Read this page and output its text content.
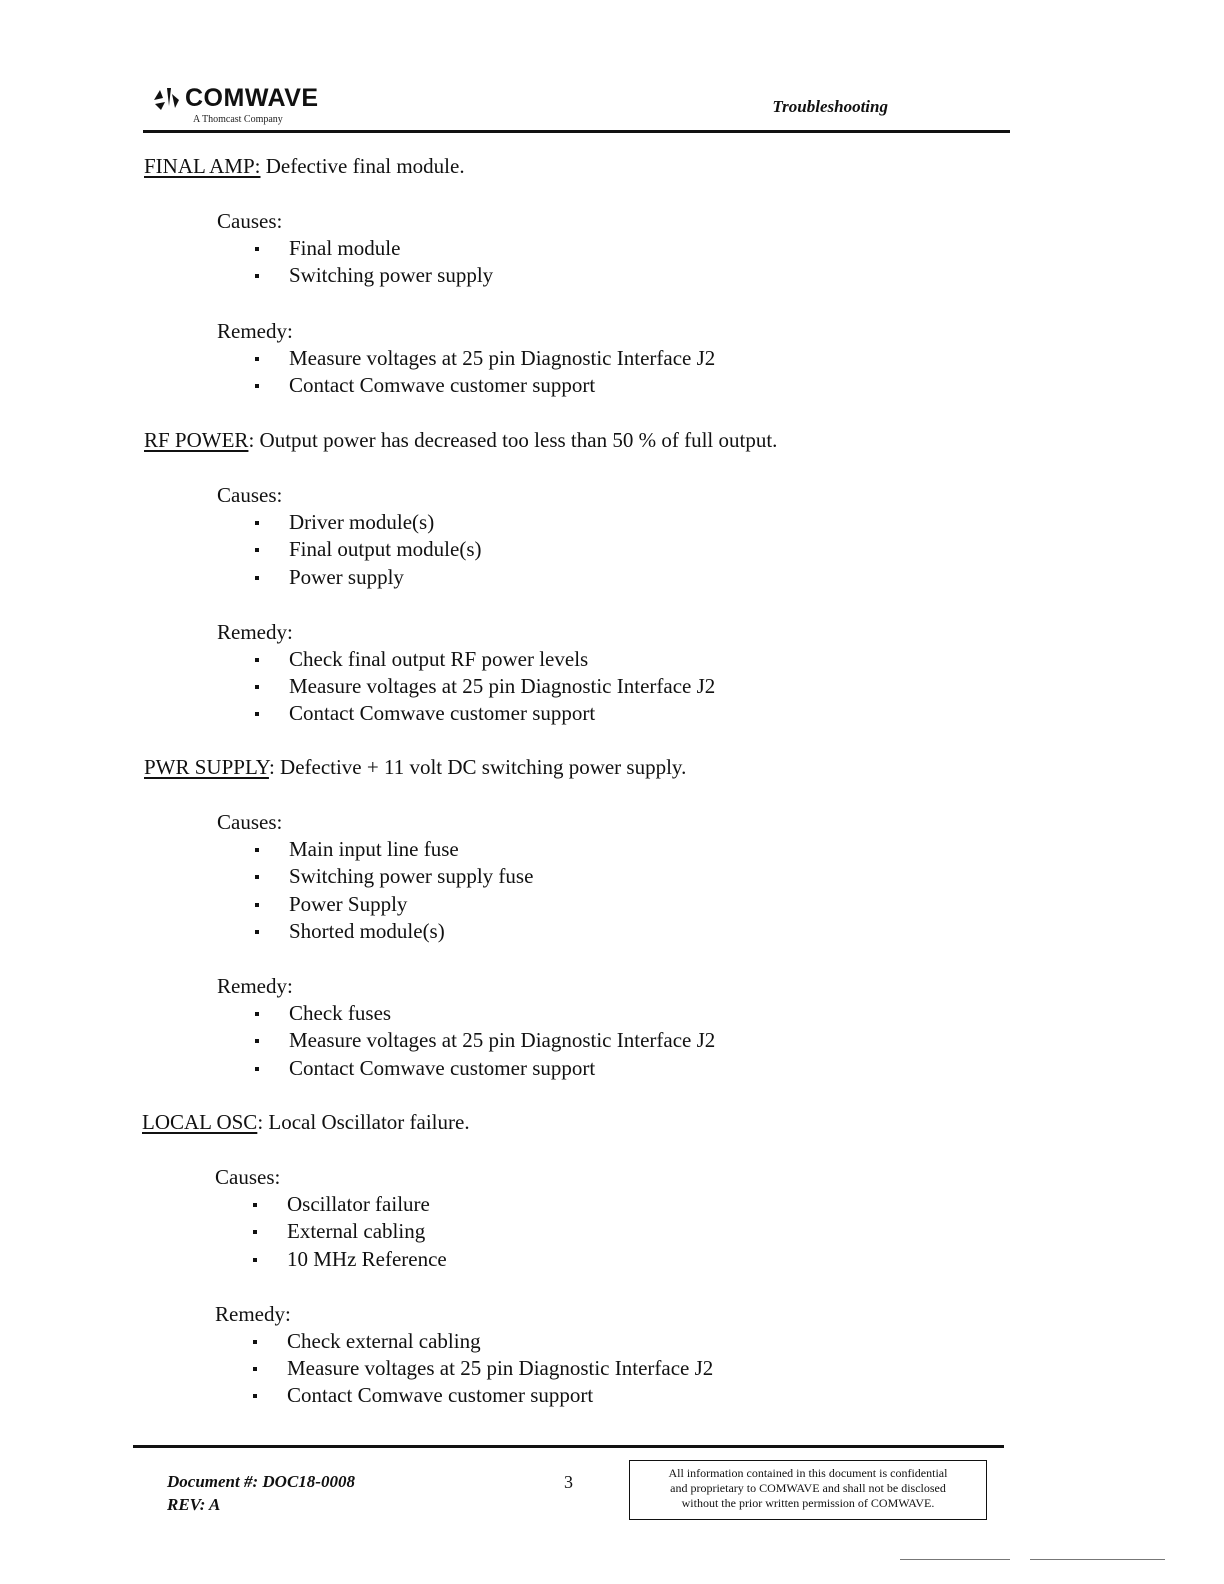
COMWAVE
A Thomcast Company
Troubleshooting
FINAL AMP: Defective final module.
Causes:
Final module
Switching power supply
Remedy:
Measure voltages at 25 pin Diagnostic Interface J2
Contact Comwave customer support
RF POWER: Output power has decreased too less than 50 % of full output.
Causes:
Driver module(s)
Final output module(s)
Power supply
Remedy:
Check final output RF power levels
Measure voltages at 25 pin Diagnostic Interface J2
Contact Comwave customer support
PWR SUPPLY: Defective + 11 volt DC switching power supply.
Causes:
Main input line fuse
Switching power supply fuse
Power Supply
Shorted module(s)
Remedy:
Check fuses
Measure voltages at 25 pin Diagnostic Interface J2
Contact Comwave customer support
LOCAL OSC: Local Oscillator failure.
Causes:
Oscillator failure
External cabling
10 MHz Reference
Remedy:
Check external cabling
Measure voltages at 25 pin Diagnostic Interface J2
Contact Comwave customer support
Document #: DOC18-0008
REV: A
3	All information contained in this document is confidential
and proprietary to COMWAVE and shall not be disclosed
without the prior written permission of COMWAVE.
